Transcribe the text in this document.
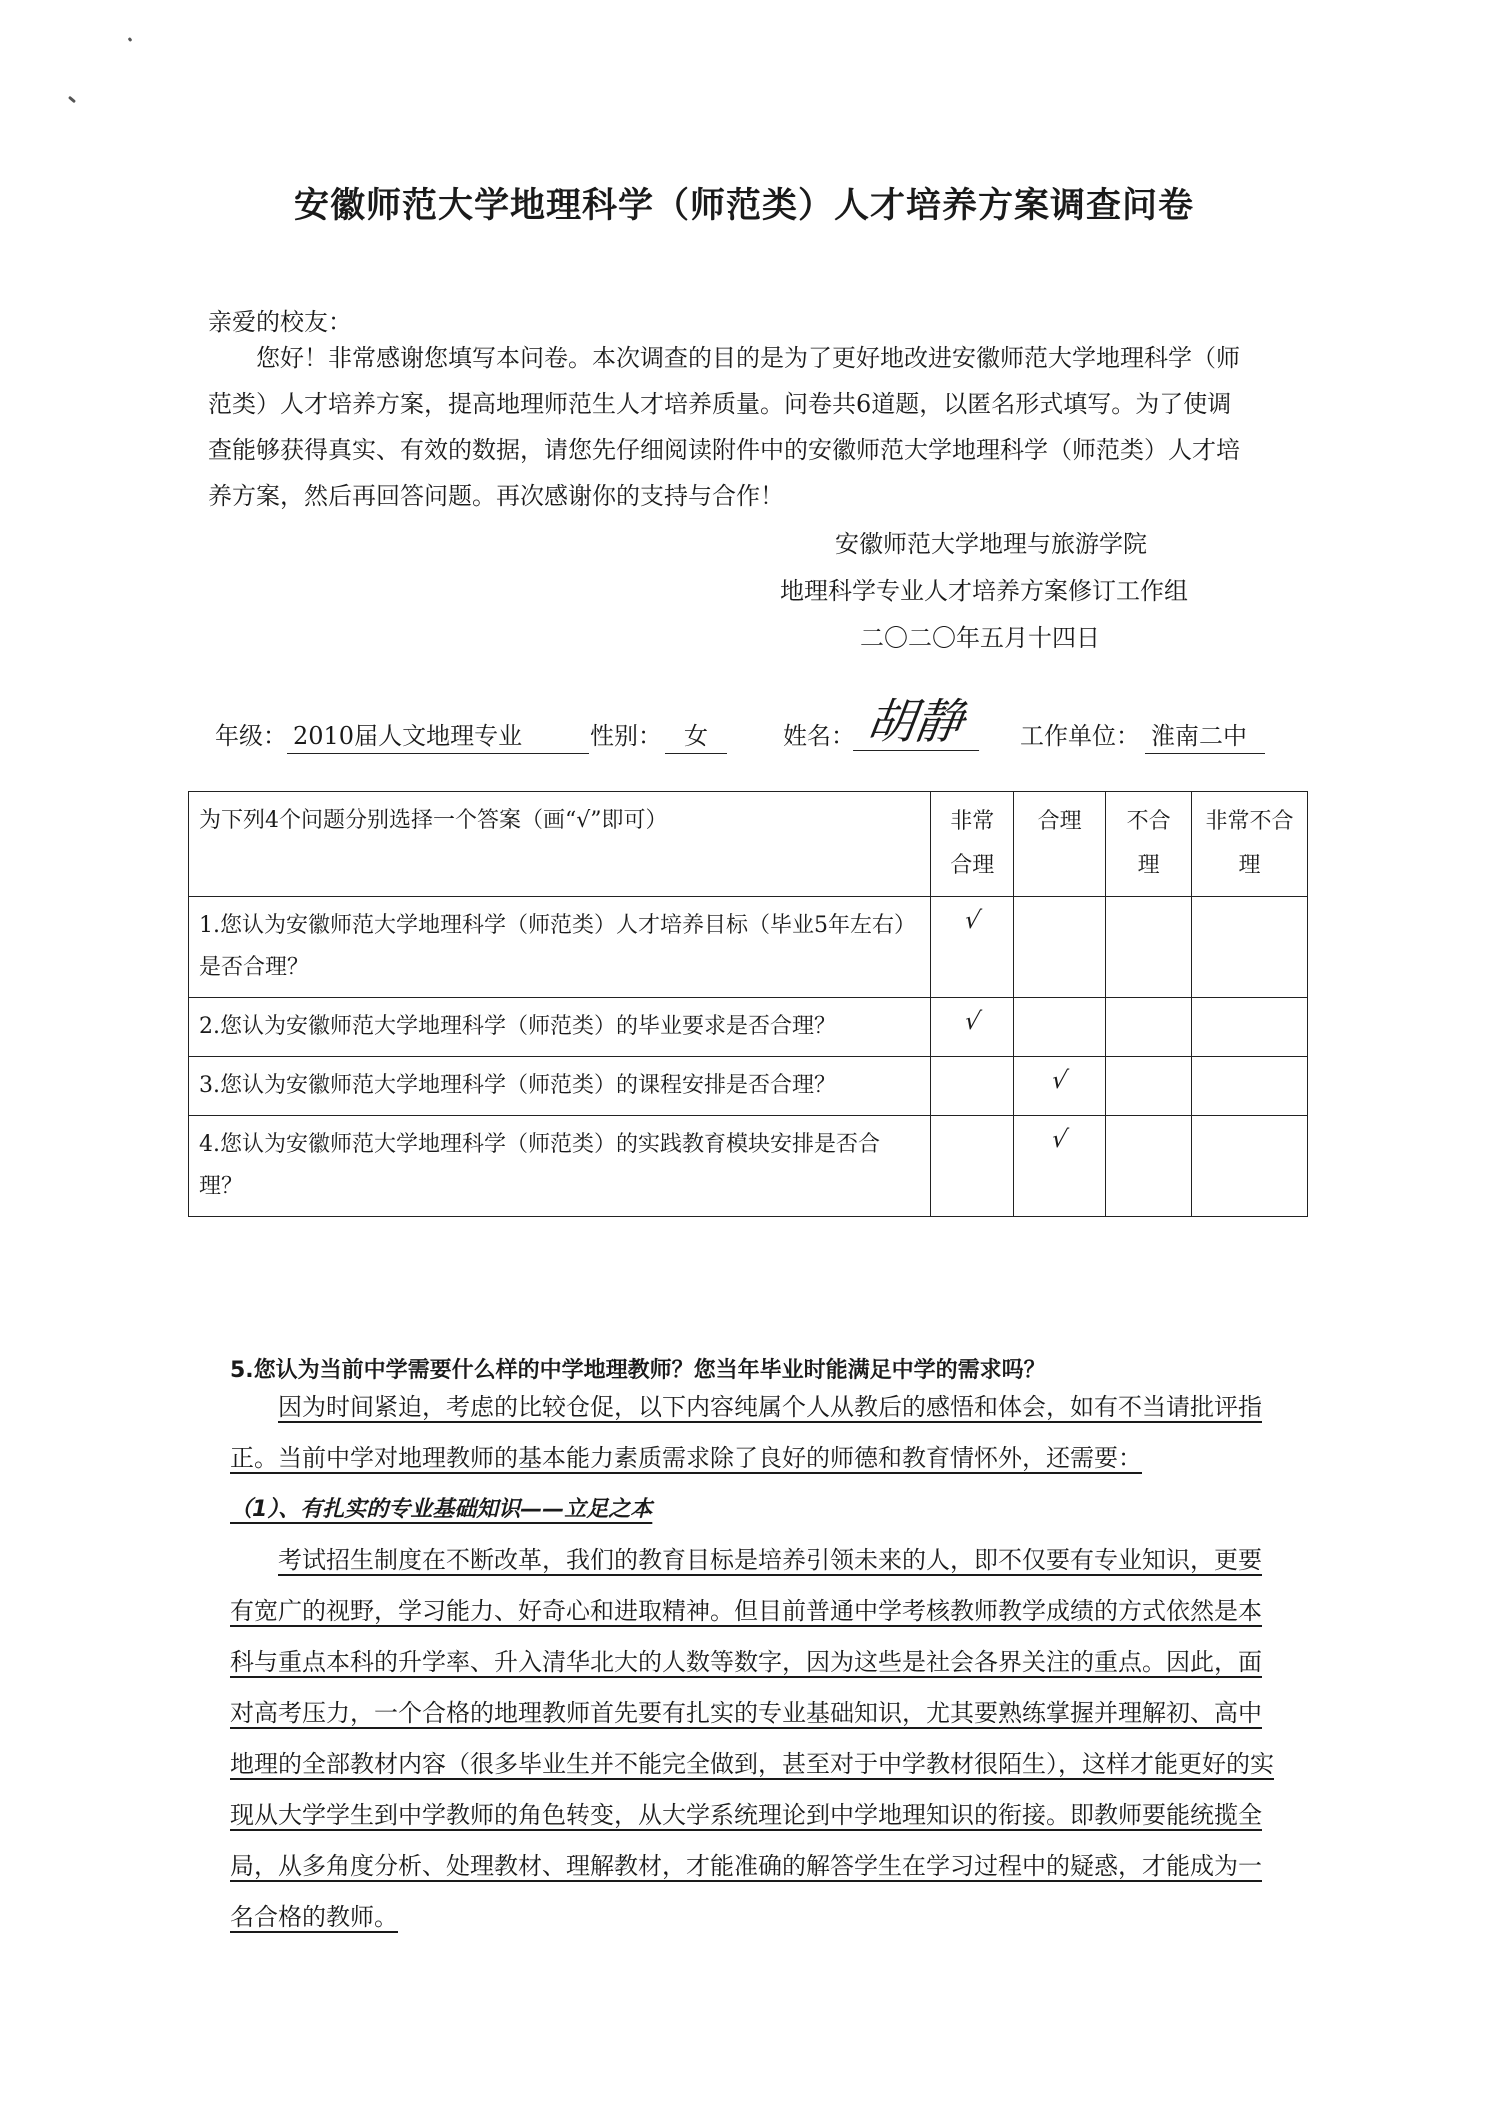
安徽师范大学地理科学（师范类）人才培养方案调查问卷
亲爱的校友：

您好！非常感谢您填写本问卷。本次调查的目的是为了更好地改进安徽师范大学地理科学（师范类）人才培养方案，提高地理师范生人才培养质量。问卷共6道题，以匿名形式填写。为了使调查能够获得真实、有效的数据，请您先仔细阅读附件中的安徽师范大学地理科学（师范类）人才培养方案，然后再回答问题。再次感谢你的支持与合作！

安徽师范大学地理与旅游学院
地理科学专业人才培养方案修订工作组
二〇二〇年五月十四日
年级： 2010届人文地理专业	性别： 女	姓名： 胡静	工作单位： 淮南二中
为下列4个问题分别选择一个答案（画“√”即可）	非常合理	合理	不合理	非常不合理
1.您认为安徽师范大学地理科学（师范类）人才培养目标（毕业5年左右）是否合理？	√			
2.您认为安徽师范大学地理科学（师范类）的毕业要求是否合理？	√			
3.您认为安徽师范大学地理科学（师范类）的课程安排是否合理？		√		
4.您认为安徽师范大学地理科学（师范类）的实践教育模块安排是否合理？		√		
5.您认为当前中学需要什么样的中学地理教师？您当年毕业时能满足中学的需求吗？

因为时间紧迫，考虑的比较仓促，以下内容纯属个人从教后的感悟和体会，如有不当请批评指正。当前中学对地理教师的基本能力素质需求除了良好的师德和教育情怀外，还需要：

（1）、有扎实的专业基础知识——立足之本

考试招生制度在不断改革，我们的教育目标是培养引领未来的人，即不仅要有专业知识，更要有宽广的视野，学习能力、好奇心和进取精神。但目前普通中学考核教师教学成绩的方式依然是本科与重点本科的升学率、升入清华北大的人数等数字，因为这些是社会各界关注的重点。因此，面对高考压力，一个合格的地理教师首先要有扎实的专业基础知识，尤其要熟练掌握并理解初、高中地理的全部教材内容（很多毕业生并不能完全做到，甚至对于中学教材很陌生），这样才能更好的实现从大学学生到中学教师的角色转变，从大学系统理论到中学地理知识的衔接。即教师要能统揽全局，从多角度分析、处理教材、理解教材，才能准确的解答学生在学习过程中的疑惑，才能成为一名合格的教师。
